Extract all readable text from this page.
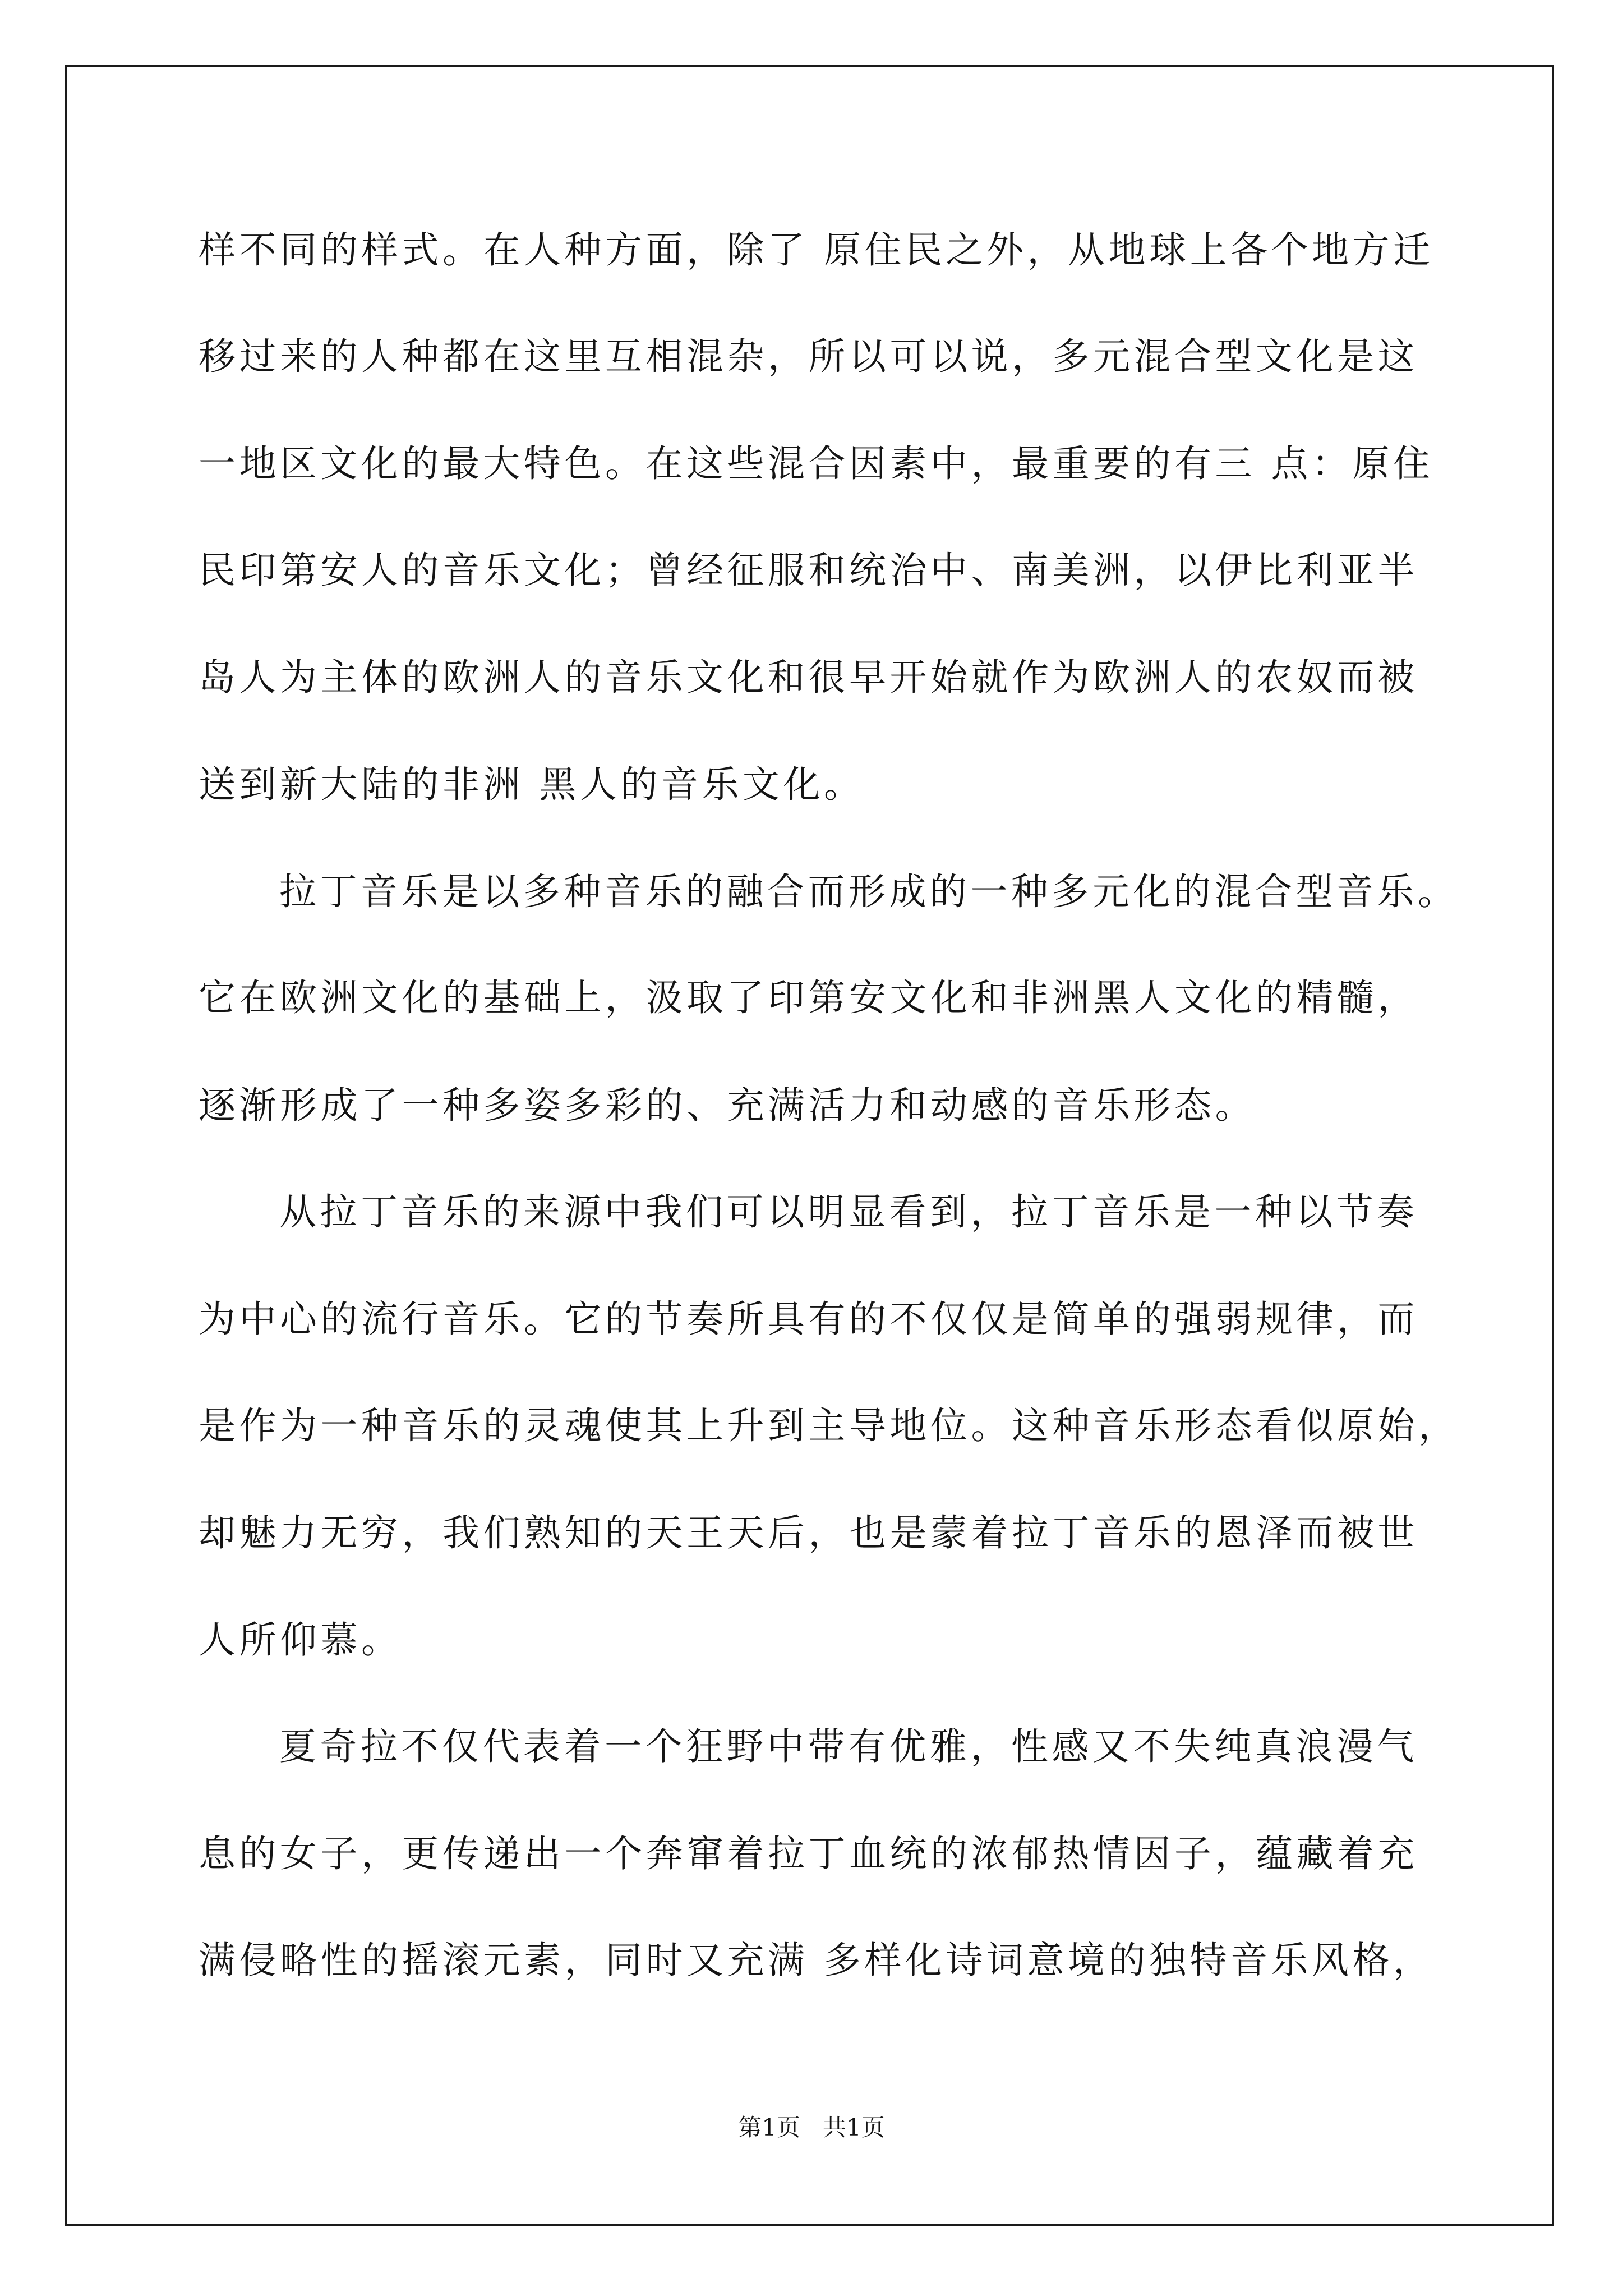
样不同的样式。在人种方面，除了 原住民之外，从地球上各个地方迁
移过来的人种都在这里互相混杂，所以可以说，多元混合型文化是这
一地区文化的最大特色。在这些混合因素中，最重要的有三 点：原住
民印第安人的音乐文化；曾经征服和统治中、南美洲，以伊比利亚半
岛人为主体的欧洲人的音乐文化和很早开始就作为欧洲人的农奴而被
送到新大陆的非洲 黑人的音乐文化。
拉丁音乐是以多种音乐的融合而形成的一种多元化的混合型音乐。
它在欧洲文化的基础上，汲取了印第安文化和非洲黑人文化的精髓，
逐渐形成了一种多姿多彩的、充满活力和动感的音乐形态。
从拉丁音乐的来源中我们可以明显看到，拉丁音乐是一种以节奏
为中心的流行音乐。它的节奏所具有的不仅仅是简单的强弱规律，而
是作为一种音乐的灵魂使其上升到主导地位。这种音乐形态看似原始，
却魅力无穷，我们熟知的天王天后，也是蒙着拉丁音乐的恩泽而被世
人所仰慕。
夏奇拉不仅代表着一个狂野中带有优雅，性感又不失纯真浪漫气
息的女子，更传递出一个奔窜着拉丁血统的浓郁热情因子，蕴藏着充
满侵略性的摇滚元素，同时又充满 多样化诗词意境的独特音乐风格，
第1页 共1页
